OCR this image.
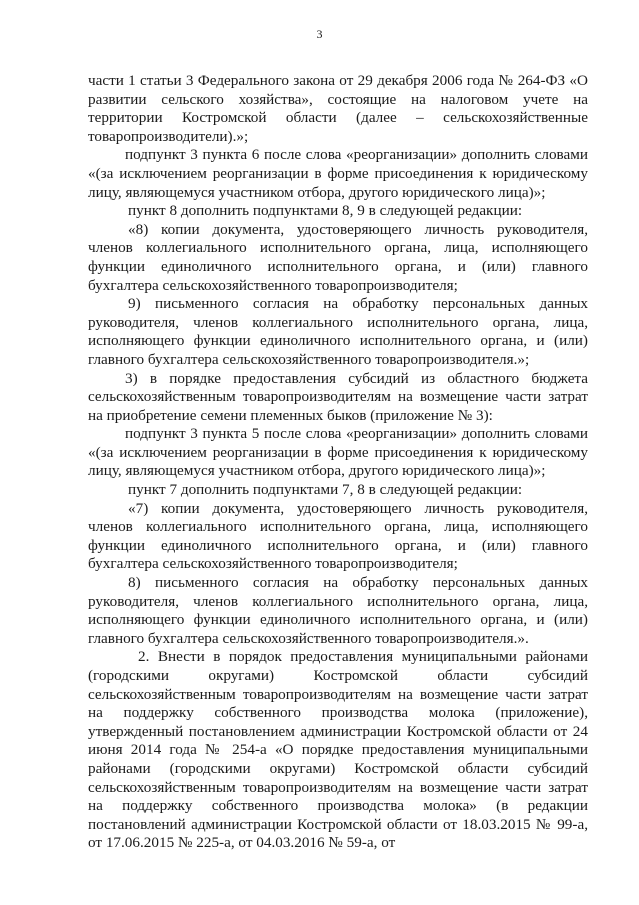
3

части 1 статьи 3 Федерального закона от 29 декабря 2006 года № 264-ФЗ «О развитии сельского хозяйства», состоящие на налоговом учете на территории Костромской области (далее – сельскохозяйственные товаропроизводители).»;

подпункт 3 пункта 6 после слова «реорганизации» дополнить словами «(за исключением реорганизации в форме присоединения к юридическому лицу, являющемуся участником отбора, другого юридического лица)»;

пункт 8 дополнить подпунктами 8, 9 в следующей редакции:

«8) копии документа, удостоверяющего личность руководителя, членов коллегиального исполнительного органа, лица, исполняющего функции единоличного исполнительного органа, и (или) главного бухгалтера сельскохозяйственного товаропроизводителя;

9) письменного согласия на обработку персональных данных руководителя, членов коллегиального исполнительного органа, лица, исполняющего функции единоличного исполнительного органа, и (или) главного бухгалтера сельскохозяйственного товаропроизводителя.»;

3) в порядке предоставления субсидий из областного бюджета сельскохозяйственным товаропроизводителям на возмещение части затрат на приобретение семени племенных быков (приложение № 3):

подпункт 3 пункта 5 после слова «реорганизации» дополнить словами «(за исключением реорганизации в форме присоединения к юридическому лицу, являющемуся участником отбора, другого юридического лица)»;

пункт 7 дополнить подпунктами 7, 8 в следующей редакции:

«7) копии документа, удостоверяющего личность руководителя, членов коллегиального исполнительного органа, лица, исполняющего функции единоличного исполнительного органа, и (или) главного бухгалтера сельскохозяйственного товаропроизводителя;

8) письменного согласия на обработку персональных данных руководителя, членов коллегиального исполнительного органа, лица, исполняющего функции единоличного исполнительного органа, и (или) главного бухгалтера сельскохозяйственного товаропроизводителя.».

2. Внести в порядок предоставления муниципальными районами (городскими округами) Костромской области субсидий сельскохозяйственным товаропроизводителям на возмещение части затрат на поддержку собственного производства молока (приложение), утвержденный постановлением администрации Костромской области от 24 июня 2014 года № 254-а «О порядке предоставления муниципальными районами (городскими округами) Костромской области субсидий сельскохозяйственным товаропроизводителям на возмещение части затрат на поддержку собственного производства молока» (в редакции постановлений администрации Костромской области от 18.03.2015 № 99-а, от 17.06.2015 № 225-а, от 04.03.2016 № 59-а, от
